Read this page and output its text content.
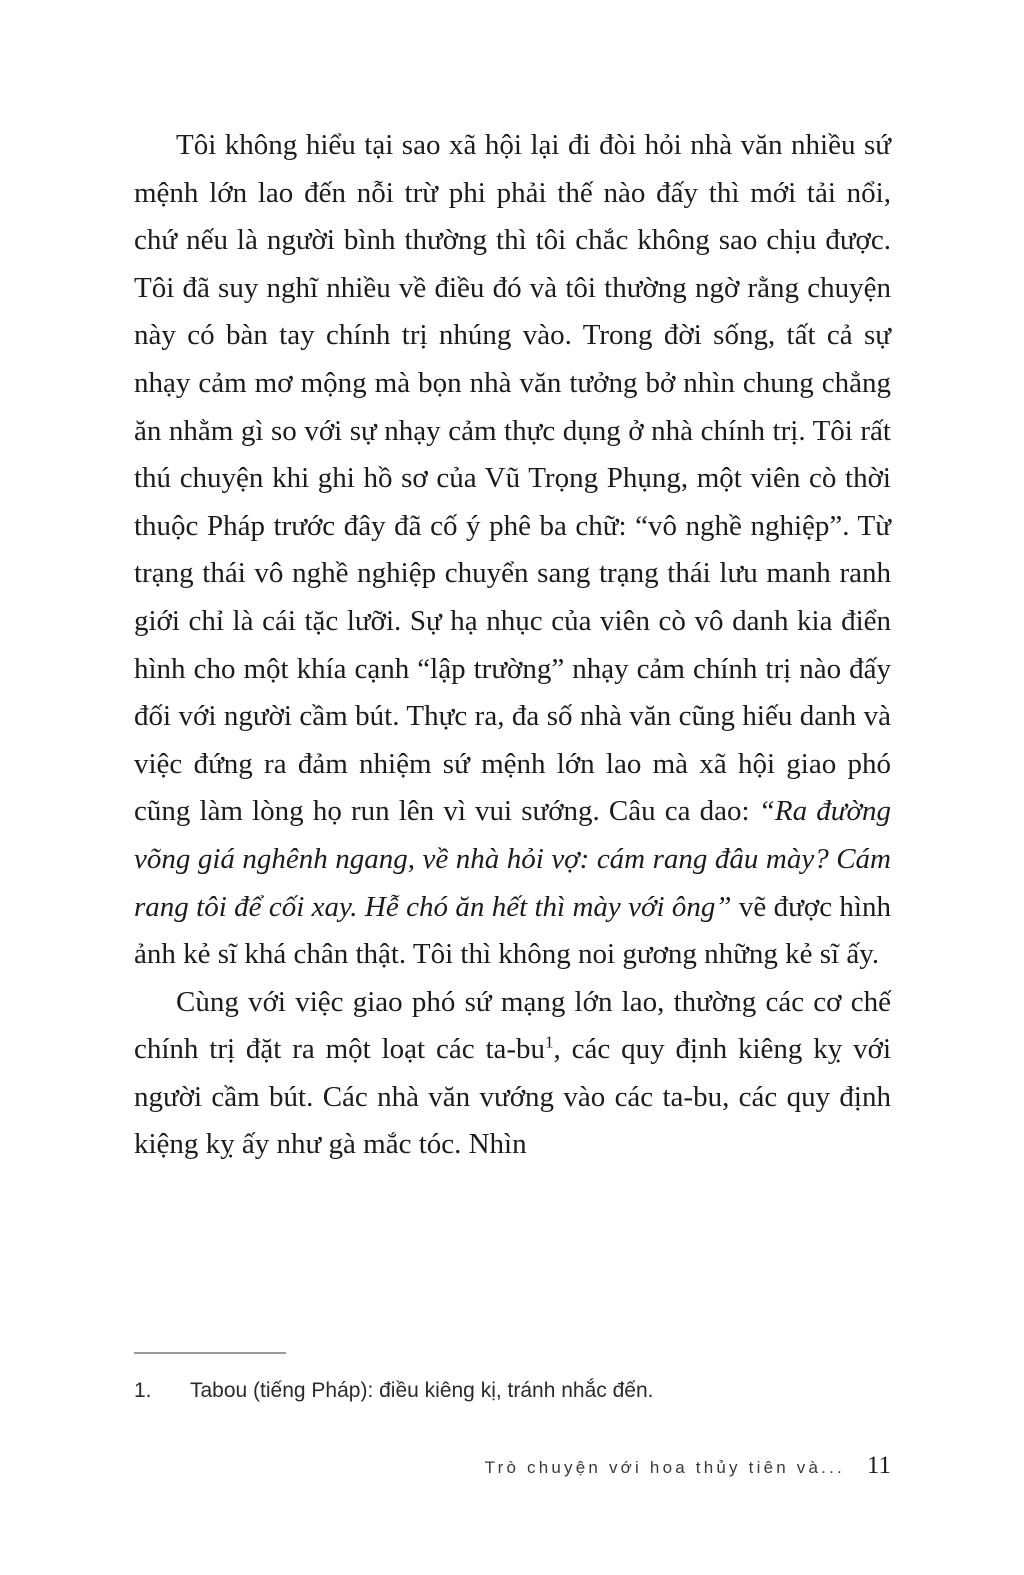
Tôi không hiểu tại sao xã hội lại đi đòi hỏi nhà văn nhiều sứ mệnh lớn lao đến nỗi trừ phi phải thế nào đấy thì mới tải nổi, chứ nếu là người bình thường thì tôi chắc không sao chịu được. Tôi đã suy nghĩ nhiều về điều đó và tôi thường ngờ rằng chuyện này có bàn tay chính trị nhúng vào. Trong đời sống, tất cả sự nhạy cảm mơ mộng mà bọn nhà văn tưởng bở nhìn chung chẳng ăn nhằm gì so với sự nhạy cảm thực dụng ở nhà chính trị. Tôi rất thú chuyện khi ghi hồ sơ của Vũ Trọng Phụng, một viên cò thời thuộc Pháp trước đây đã cố ý phê ba chữ: “vô nghề nghiệp”. Từ trạng thái vô nghề nghiệp chuyển sang trạng thái lưu manh ranh giới chỉ là cái tặc lưỡi. Sự hạ nhục của viên cò vô danh kia điển hình cho một khía cạnh “lập trường” nhạy cảm chính trị nào đấy đối với người cầm bút. Thực ra, đa số nhà văn cũng hiếu danh và việc đứng ra đảm nhiệm sứ mệnh lớn lao mà xã hội giao phó cũng làm lòng họ run lên vì vui sướng. Câu ca dao: “Ra đường võng giá nghênh ngang, về nhà hỏi vợ: cám rang đâu mày? Cám rang tôi để cối xay. Hễ chó ăn hết thì mày với ông” vẽ được hình ảnh kẻ sĩ khá chân thật. Tôi thì không noi gương những kẻ sĩ ấy.

Cùng với việc giao phó sứ mạng lớn lao, thường các cơ chế chính trị đặt ra một loạt các $ta-bu^1$, các quy định kiêng kỵ với người cầm bút. Các nhà văn vướng vào các ta-bu, các quy định kiệng kỵ ấy như gà mắc tóc. Nhìn

1.	Tabou (tiếng Pháp): điều kiêng kị, tránh nhắc đến.
Trò chuyện với hoa thủy tiên và... 11
